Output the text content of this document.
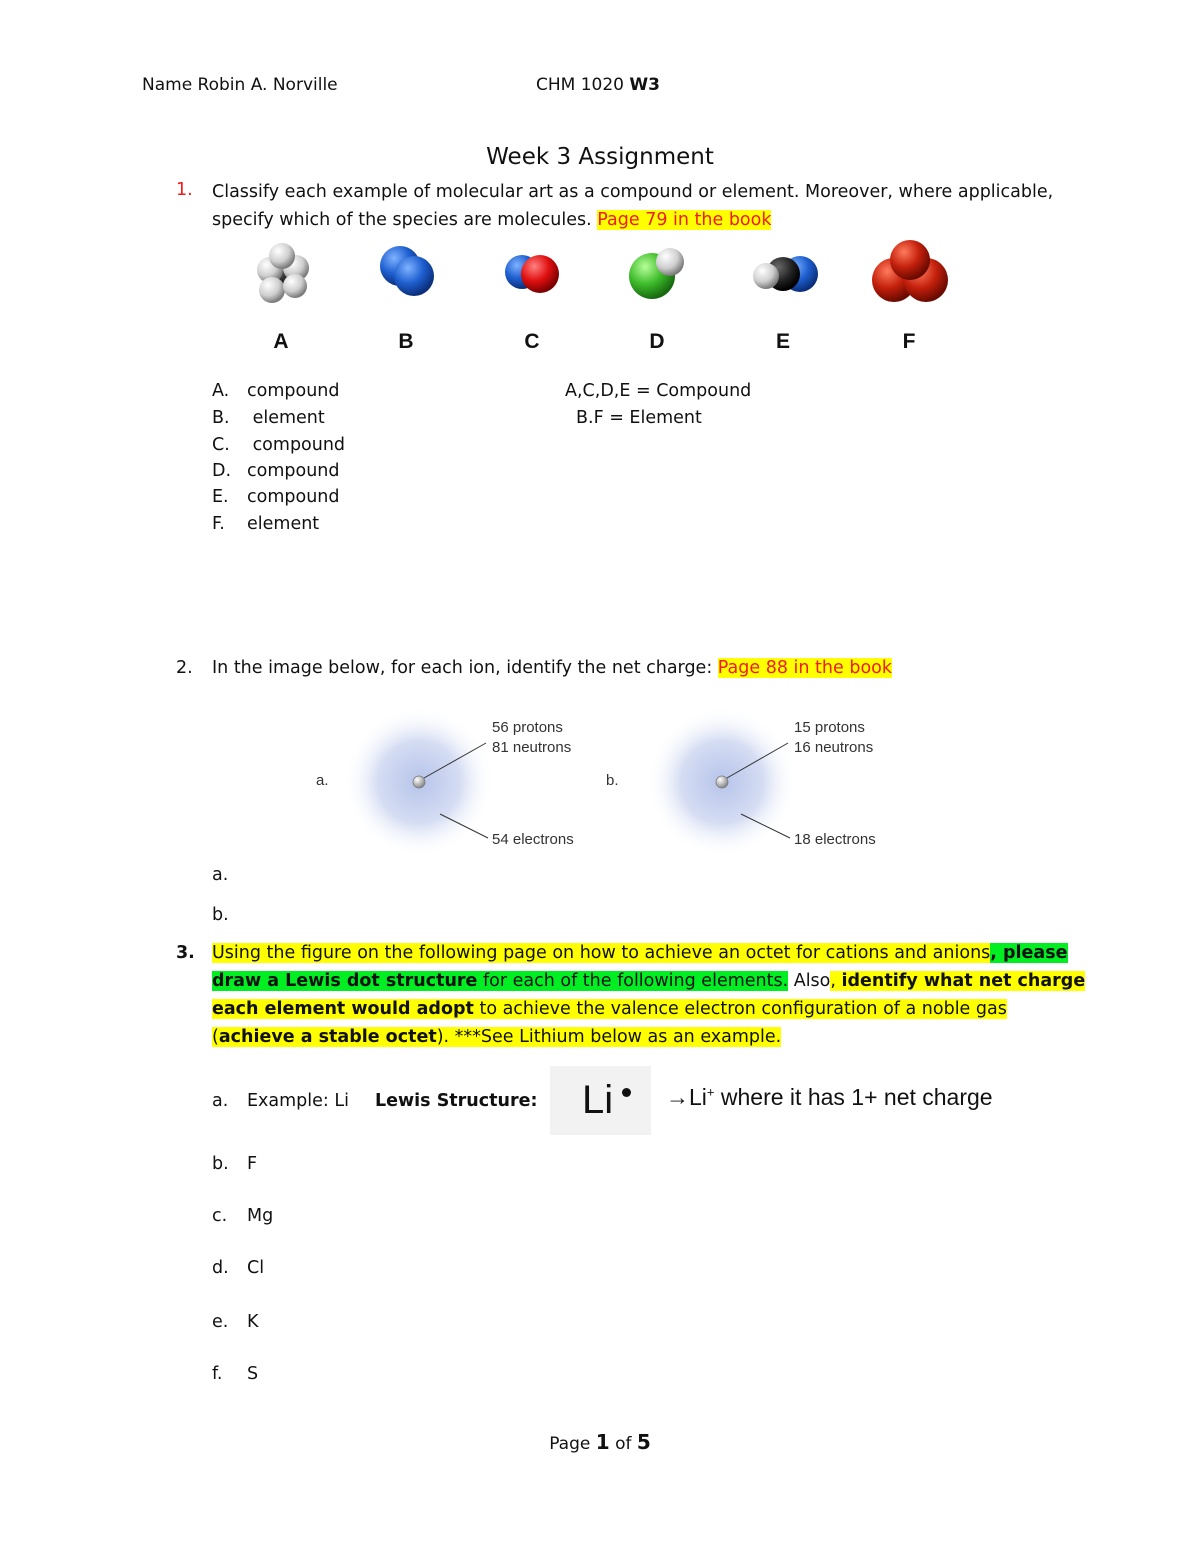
Name Robin A. Norville	CHM 1020 W3
Week 3 Assignment
1. Classify each example of molecular art as a compound or element. Moreover, where applicable,
specify which of the species are molecules. Page 79 in the book
A	B	C	D	E	F
A. compound
B. element
C. compound
D. compound
E. compound
F. element
A,C,D,E = Compound
B.F = Element
2. In the image below, for each ion, identify the net charge: Page 88 in the book
a.
56 protons
81 neutrons
54 electrons
b.
15 protons
16 neutrons
18 electrons
a.
b.
3. Using the figure on the following page on how to achieve an octet for cations and anions, please
draw a Lewis dot structure for each of the following elements. Also, identify what net charge
each element would adopt to achieve the valence electron configuration of a noble gas
(achieve a stable octet). ***See Lithium below as an example.
a. Example: Li Lewis Structure: Li →Li+ where it has 1+ net charge
b. F
c. Mg
d. Cl
e. K
f. S
Page 1 of 5
